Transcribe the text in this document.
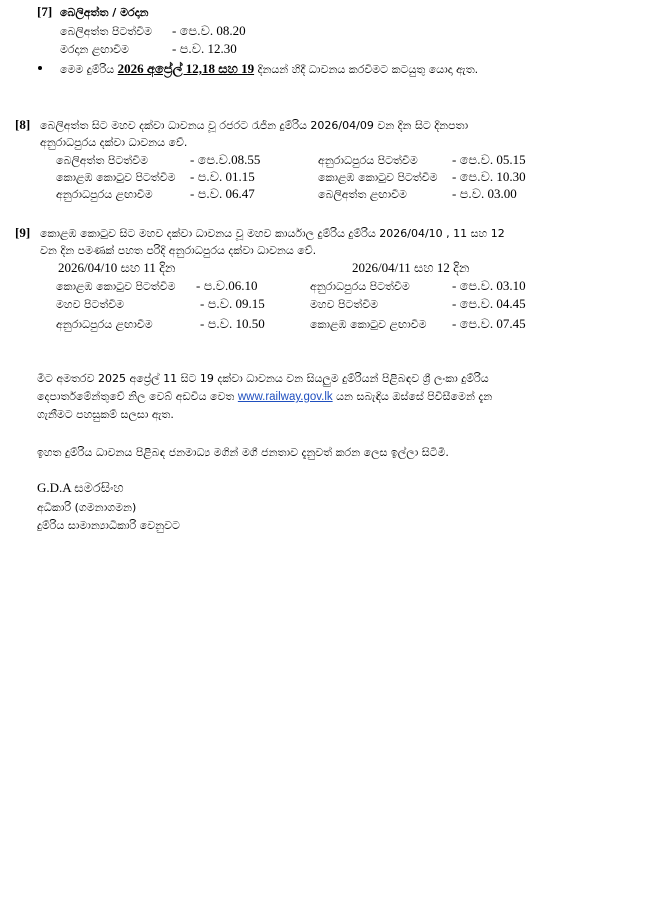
[7] බෙලිඅත්ත / මරදාන
බෙලිඅත්ත පිටත්වීම - පෙ.ව. 08.20
මරදාන ළඟාවීම	- ප.ව. 12.30
මෙම දුම්රිය 2026 අප්‍රේල් 12,18 සහ 19 දිනයන් හිදී ධාවනය කරවීමට කටයුතු යොදා ඇත.
[8] බෙලිඅත්ත සිට මහව දක්වා ධාවනය වූ රජරට රැජින දුම්රිය 2026/04/09 වන දින සිට දිනපතා
අනුරාධපුරය දක්වා ධාවනය වේ.
බෙලිඅත්ත පිටත්වීම	- පෙ.ව.08.55	අනුරාධපුරය පිටත්වීම	- පෙ.ව. 05.15
කොළඹ කොටුව පිටත්වීම - ප.ව. 01.15	කොළඹ කොටුව පිටත්වීම - පෙ.ව. 10.30
අනුරාධපුරය ළඟාවීම	- ප.ව. 06.47	බෙලිඅත්ත ළඟාවීම	- ප.ව. 03.00
[9] කොළඹ කොටුව සිට මහව දක්වා ධාවනය වූ මහව කාර්යාල දුම්රිය දුම්රිය 2026/04/10 , 11 සහ 12
වන දින පමණක් පහත පරිදි අනුරාධපුරය දක්වා ධාවනය වේ.
2026/04/10 සහ 11 දින	2026/04/11 සහ 12 දින
කොළඹ කොටුව පිටත්වීම - ප.ව.06.10	අනුරාධපුරය පිටත්වීම	- පෙ.ව. 03.10
මහව පිටත්වීම	- ප.ව. 09.15	මහව පිටත්වීම	- පෙ.ව. 04.45
අනුරාධපුරය ළඟාවීම	- ප.ව. 10.50	කොළඹ කොටුව ළඟාවීම - පෙ.ව. 07.45
මීට අමතරව 2025 අප්‍රේල් 11 සිට 19 දක්වා ධාවනය වන සියලුම දුම්රියන් පිළිබඳව ශ්‍රී ලංකා දුම්රිය
දෙපාර්තමේන්තුවේ නිල වෙබ් අඩවිය වෙත www.railway.gov.lk යන සබැඳිය ඔස්සේ පිවිසීමෙන් දැන
ගැනීමට පහසුකම් සලසා ඇත.
ඉහත දුම්රිය ධාවනය පිළිබඳ ජනමාධ්‍ය මගින් මගී ජනතාව දැනුවත් කරන ලෙස ඉල්ලා සිටිමි.
G.D.A සමරසිංහ
අධිකාරි (ගමනාගමන)
දුම්රිය සාමාන්‍යාධිකාරි වෙනුවට
